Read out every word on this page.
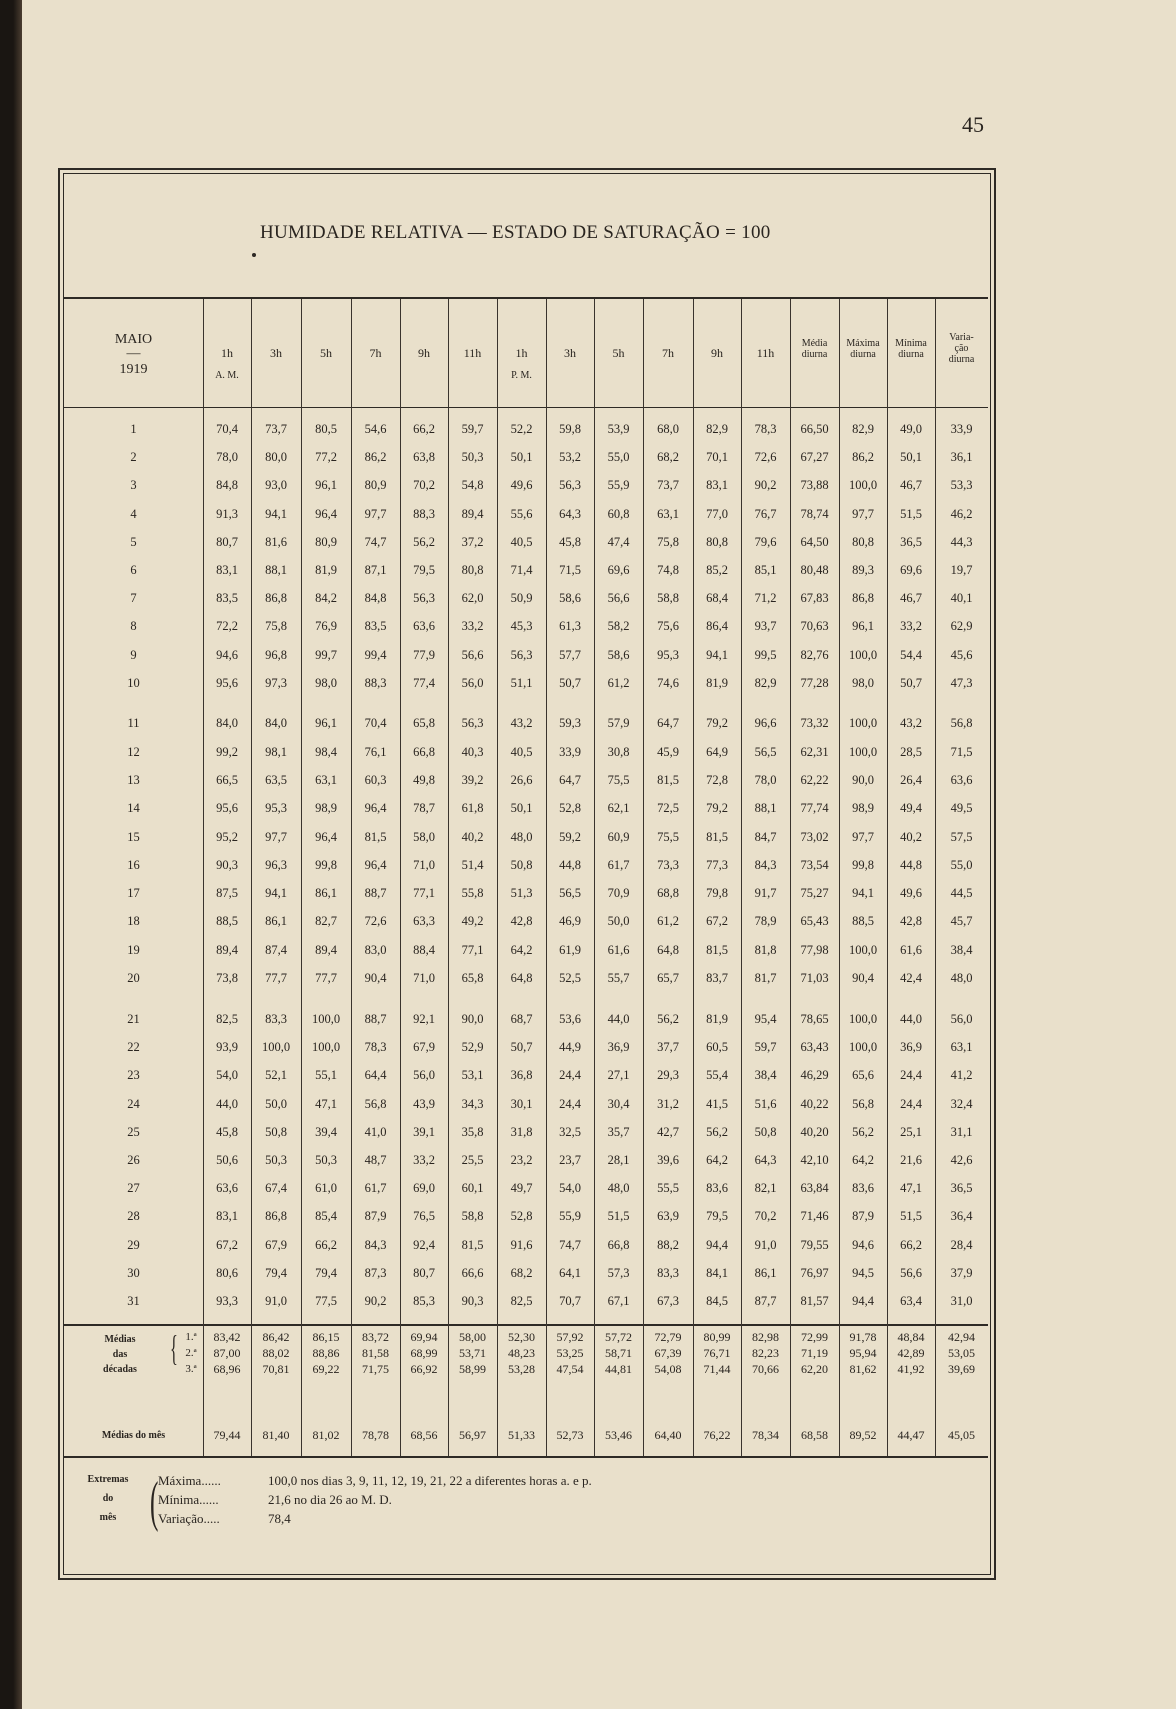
45
HUMIDADE RELATIVA — ESTADO DE SATURAÇÃO = 100
MAIO
—
1919
1h	3h	5h	7h	9h	11h	1h	3h	5h	7h	9h	11h
A. M.	P. M.
Média
diurna
Máxima
diurna
Mínima
diurna
Varia-
ção
diurna
1	70,4	73,7	80,5	54,6	66,2	59,7	52,2	59,8	53,9	68,0	82,9	78,3	66,50	82,9	49,0	33,9
2	78,0	80,0	77,2	86,2	63,8	50,3	50,1	53,2	55,0	68,2	70,1	72,6	67,27	86,2	50,1	36,1
3	84,8	93,0	96,1	80,9	70,2	54,8	49,6	56,3	55,9	73,7	83,1	90,2	73,88	100,0	46,7	53,3
4	91,3	94,1	96,4	97,7	88,3	89,4	55,6	64,3	60,8	63,1	77,0	76,7	78,74	97,7	51,5	46,2
5	80,7	81,6	80,9	74,7	56,2	37,2	40,5	45,8	47,4	75,8	80,8	79,6	64,50	80,8	36,5	44,3
6	83,1	88,1	81,9	87,1	79,5	80,8	71,4	71,5	69,6	74,8	85,2	85,1	80,48	89,3	69,6	19,7
7	83,5	86,8	84,2	84,8	56,3	62,0	50,9	58,6	56,6	58,8	68,4	71,2	67,83	86,8	46,7	40,1
8	72,2	75,8	76,9	83,5	63,6	33,2	45,3	61,3	58,2	75,6	86,4	93,7	70,63	96,1	33,2	62,9
9	94,6	96,8	99,7	99,4	77,9	56,6	56,3	57,7	58,6	95,3	94,1	99,5	82,76	100,0	54,4	45,6
10	95,6	97,3	98,0	88,3	77,4	56,0	51,1	50,7	61,2	74,6	81,9	82,9	77,28	98,0	50,7	47,3
11	84,0	84,0	96,1	70,4	65,8	56,3	43,2	59,3	57,9	64,7	79,2	96,6	73,32	100,0	43,2	56,8
12	99,2	98,1	98,4	76,1	66,8	40,3	40,5	33,9	30,8	45,9	64,9	56,5	62,31	100,0	28,5	71,5
13	66,5	63,5	63,1	60,3	49,8	39,2	26,6	64,7	75,5	81,5	72,8	78,0	62,22	90,0	26,4	63,6
14	95,6	95,3	98,9	96,4	78,7	61,8	50,1	52,8	62,1	72,5	79,2	88,1	77,74	98,9	49,4	49,5
15	95,2	97,7	96,4	81,5	58,0	40,2	48,0	59,2	60,9	75,5	81,5	84,7	73,02	97,7	40,2	57,5
16	90,3	96,3	99,8	96,4	71,0	51,4	50,8	44,8	61,7	73,3	77,3	84,3	73,54	99,8	44,8	55,0
17	87,5	94,1	86,1	88,7	77,1	55,8	51,3	56,5	70,9	68,8	79,8	91,7	75,27	94,1	49,6	44,5
18	88,5	86,1	82,7	72,6	63,3	49,2	42,8	46,9	50,0	61,2	67,2	78,9	65,43	88,5	42,8	45,7
19	89,4	87,4	89,4	83,0	88,4	77,1	64,2	61,9	61,6	64,8	81,5	81,8	77,98	100,0	61,6	38,4
20	73,8	77,7	77,7	90,4	71,0	65,8	64,8	52,5	55,7	65,7	83,7	81,7	71,03	90,4	42,4	48,0
21	82,5	83,3	100,0	88,7	92,1	90,0	68,7	53,6	44,0	56,2	81,9	95,4	78,65	100,0	44,0	56,0
22	93,9	100,0	100,0	78,3	67,9	52,9	50,7	44,9	36,9	37,7	60,5	59,7	63,43	100,0	36,9	63,1
23	54,0	52,1	55,1	64,4	56,0	53,1	36,8	24,4	27,1	29,3	55,4	38,4	46,29	65,6	24,4	41,2
24	44,0	50,0	47,1	56,8	43,9	34,3	30,1	24,4	30,4	31,2	41,5	51,6	40,22	56,8	24,4	32,4
25	45,8	50,8	39,4	41,0	39,1	35,8	31,8	32,5	35,7	42,7	56,2	50,8	40,20	56,2	25,1	31,1
26	50,6	50,3	50,3	48,7	33,2	25,5	23,2	23,7	28,1	39,6	64,2	64,3	42,10	64,2	21,6	42,6
27	63,6	67,4	61,0	61,7	69,0	60,1	49,7	54,0	48,0	55,5	83,6	82,1	63,84	83,6	47,1	36,5
28	83,1	86,8	85,4	87,9	76,5	58,8	52,8	55,9	51,5	63,9	79,5	70,2	71,46	87,9	51,5	36,4
29	67,2	67,9	66,2	84,3	92,4	81,5	91,6	74,7	66,8	88,2	94,4	91,0	79,55	94,6	66,2	28,4
30	80,6	79,4	79,4	87,3	80,7	66,6	68,2	64,1	57,3	83,3	84,1	86,1	76,97	94,5	56,6	37,9
31	93,3	91,0	77,5	90,2	85,3	90,3	82,5	70,7	67,1	67,3	84,5	87,7	81,57	94,4	63,4	31,0
Médias
das
décadas
{ 1.ª
2.ª
3.ª
83,42	86,42	86,15	83,72	69,94	58,00	52,30	57,92	57,72	72,79	80,99	82,98	72,99	91,78	48,84	42,94
87,00	88,02	88,86	81,58	68,99	53,71	48,23	53,25	58,71	67,39	76,71	82,23	71,19	95,94	42,89	53,05
68,96	70,81	69,22	71,75	66,92	58,99	53,28	47,54	44,81	54,08	71,44	70,66	62,20	81,62	41,92	39,69
Médias do mês	79,44	81,40	81,02	78,78	68,56	56,97	51,33	52,73	53,46	64,40	76,22	78,34	68,58	89,52	44,47	45,05
Extremas
do
mês ( Máxima......	100,0 nos dias 3, 9, 11, 12, 19, 21, 22 a diferentes horas a. e p.
Mínima......	21,6 no dia 26 ao M. D.
Variação.....	78,4
